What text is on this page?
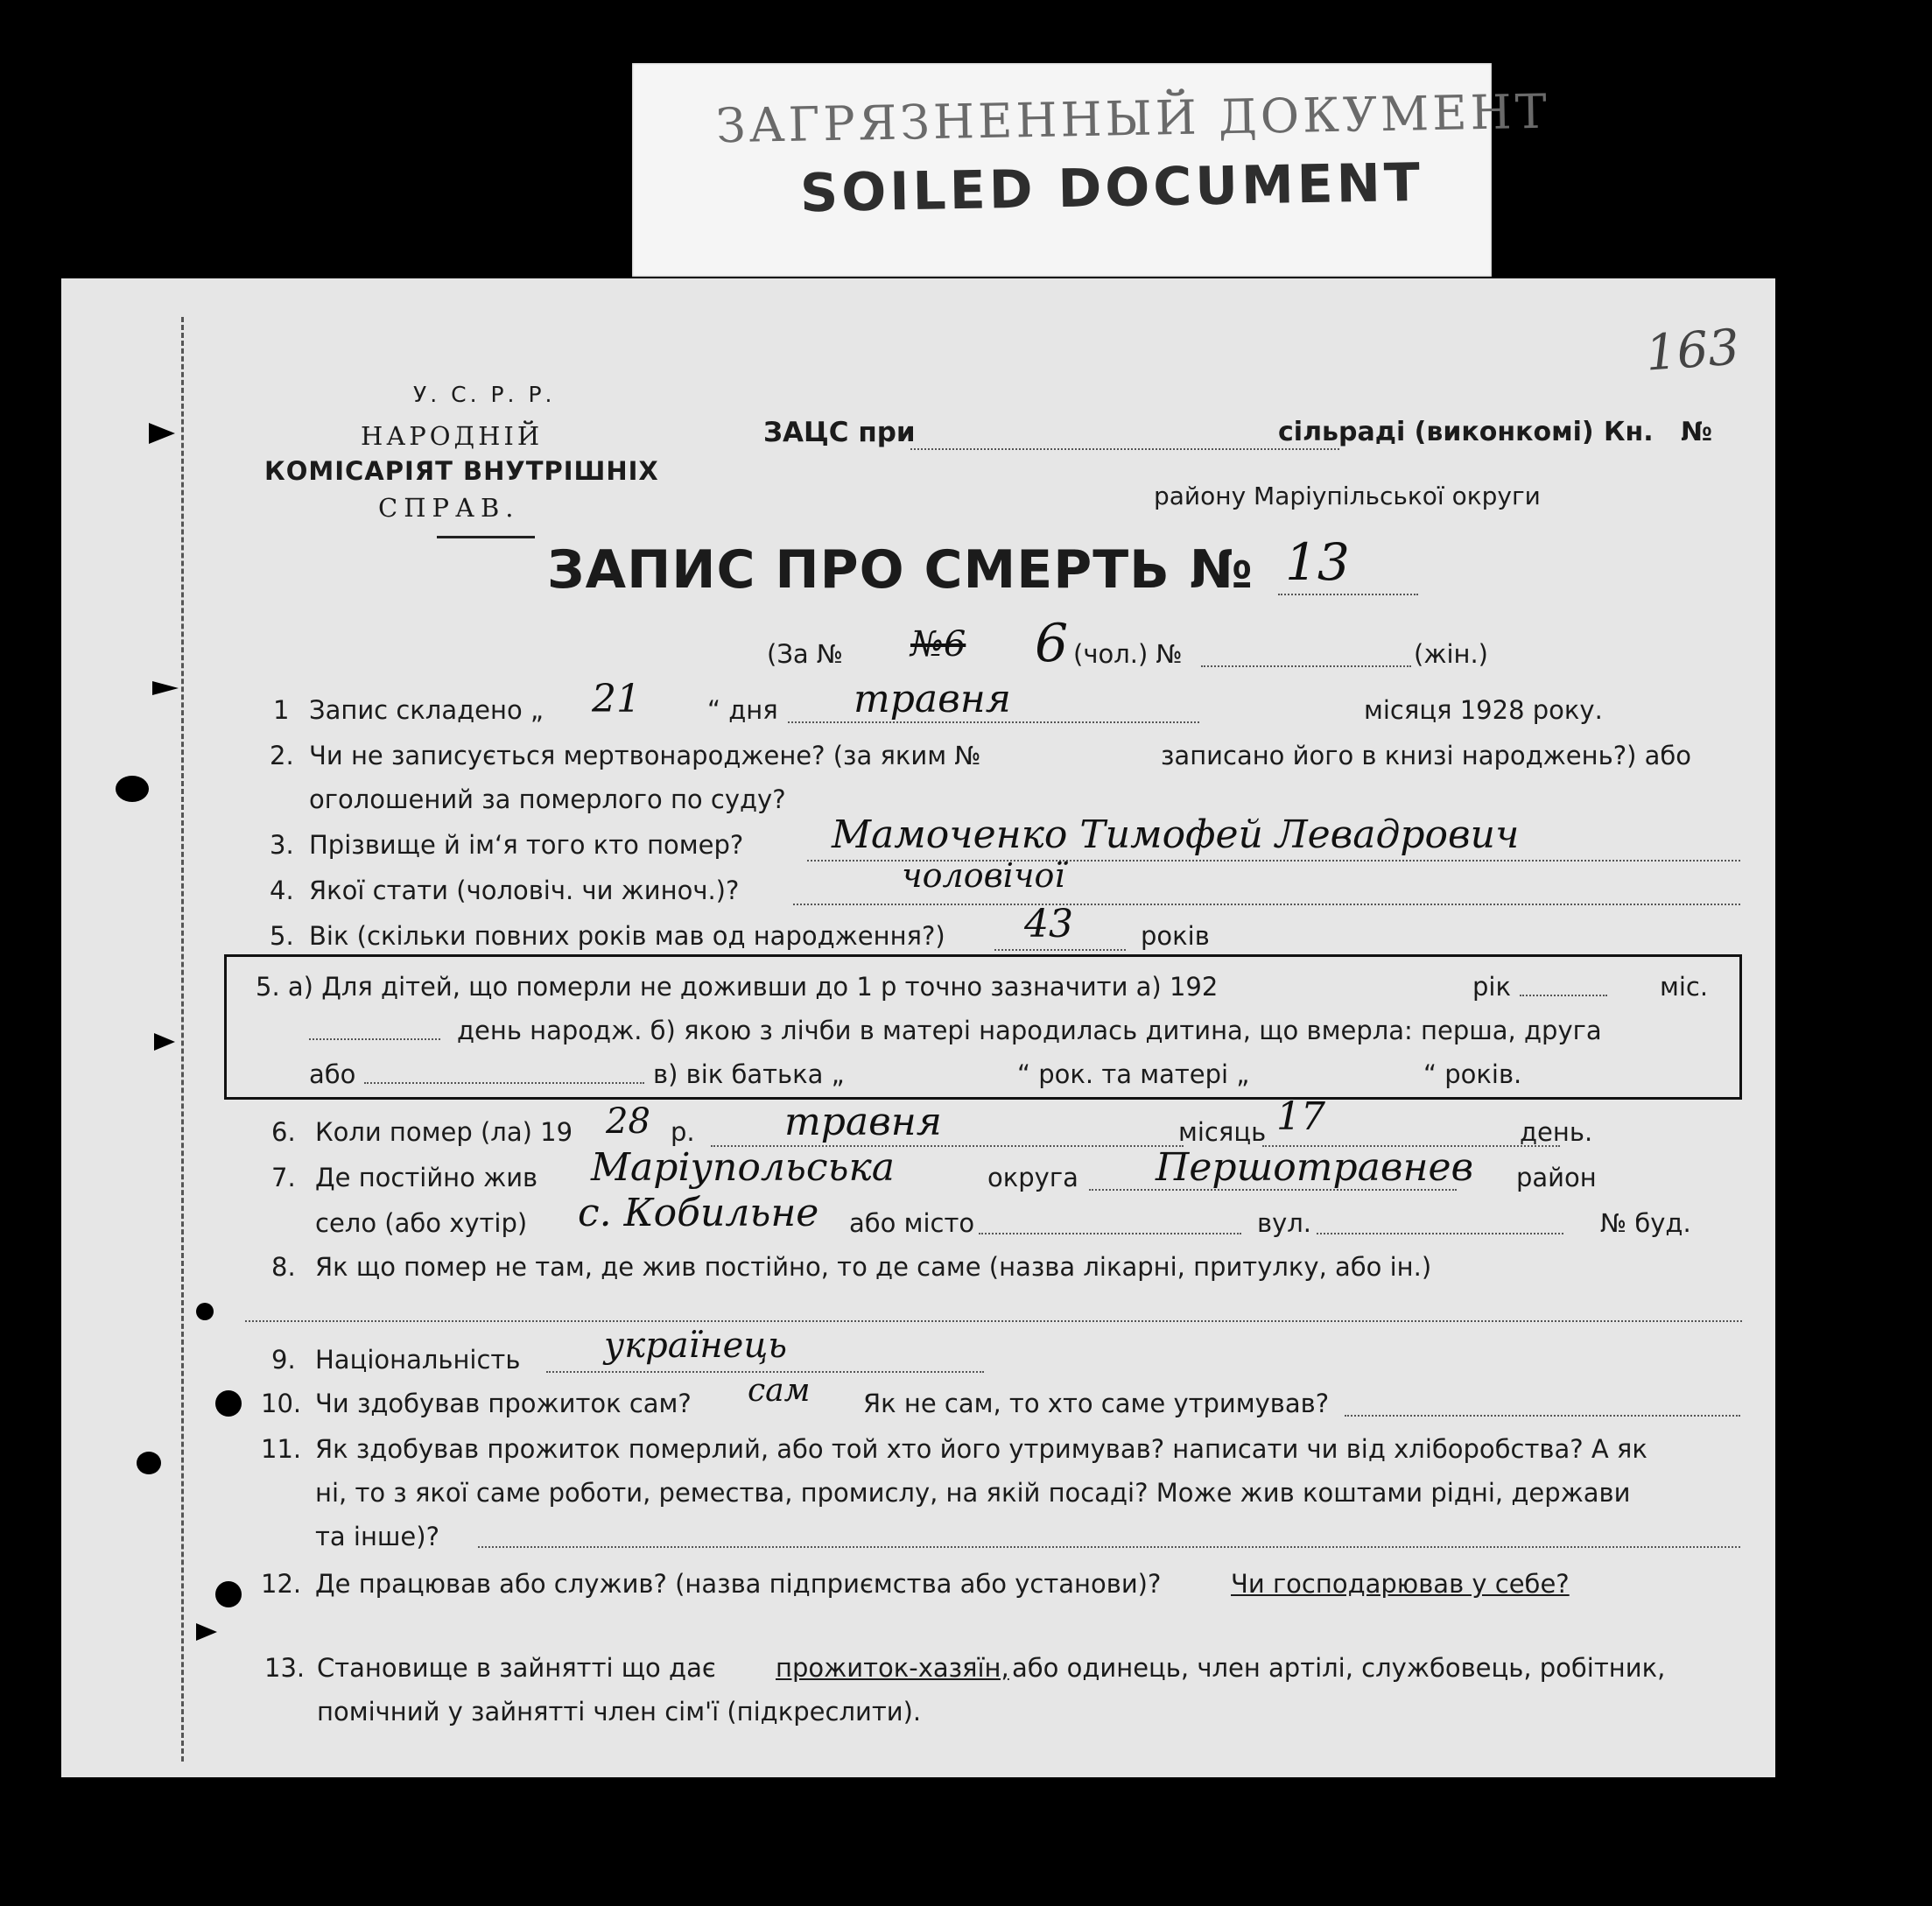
ЗАГРЯЗНЕННЫЙ ДОКУМЕНТ
SOILED DOCUMENT
163
У. С. Р. Р.
НАРОДНІЙ
КОМІСАРІЯТ ВНУТРІШНІХ
СПРАВ.
ЗАЦС при	сільраді (виконкомі) Кн. №
району Маріупільської округи
ЗАПИС ПРО СМЕРТЬ № 13
(За № №6 6 (чол.) №	(жін.)
1 Запис складено „ 21	“ дня травня	місяця 1928 року.
2. Чи не записується мертвонароджене? (за яким №	записано його в книзі народжень?) або
оголошений за померлого по суду?
3. Прізвище й ім‘я того кто помер? Мамоченко Тимофей Левадрович
4. Якої стати (чоловіч. чи жиноч.)?	чоловічої
5. Вік (скільки повних років мав од народження?) 43	років
5. а) Для дітей, що померли не доживши до 1 р точно зазначити а) 192	рік	міс.
день народж. б) якою з лічби в матері народилась дитина, що вмерла: перша, друга
або	в) вік батька „	“ рок. та матері „	“ років.
6. Коли помер (ла) 19 28 р. травня	місяць 17	день.
7. Де постійно жив Маріупольська	округа Першотравнев район
село (або хутір) с. Кобильне або місто	вул.	№ буд.
8. Як що помер не там, де жив постійно, то де саме (назва лікарні, притулку, або ін.)
9. Національність українець
10. Чи здобував прожиток сам? сам Як не сам, то хто саме утримував?
11. Як здобував прожиток померлий, або той хто його утримував? написати чи від хліборобства? А як
ні, то з якої саме роботи, ремества, промислу, на якій посаді? Може жив коштами рідні, держави
та інше)?
12. Де працював або служив? (назва підприємства або установи)?	Чи господарював у себе?
13. Становище в зайнятті що дає прожиток-хазяїн, або одинець, член артілі, службовець, робітник,
помічний у зайнятті член сім'ї (підкреслити).
